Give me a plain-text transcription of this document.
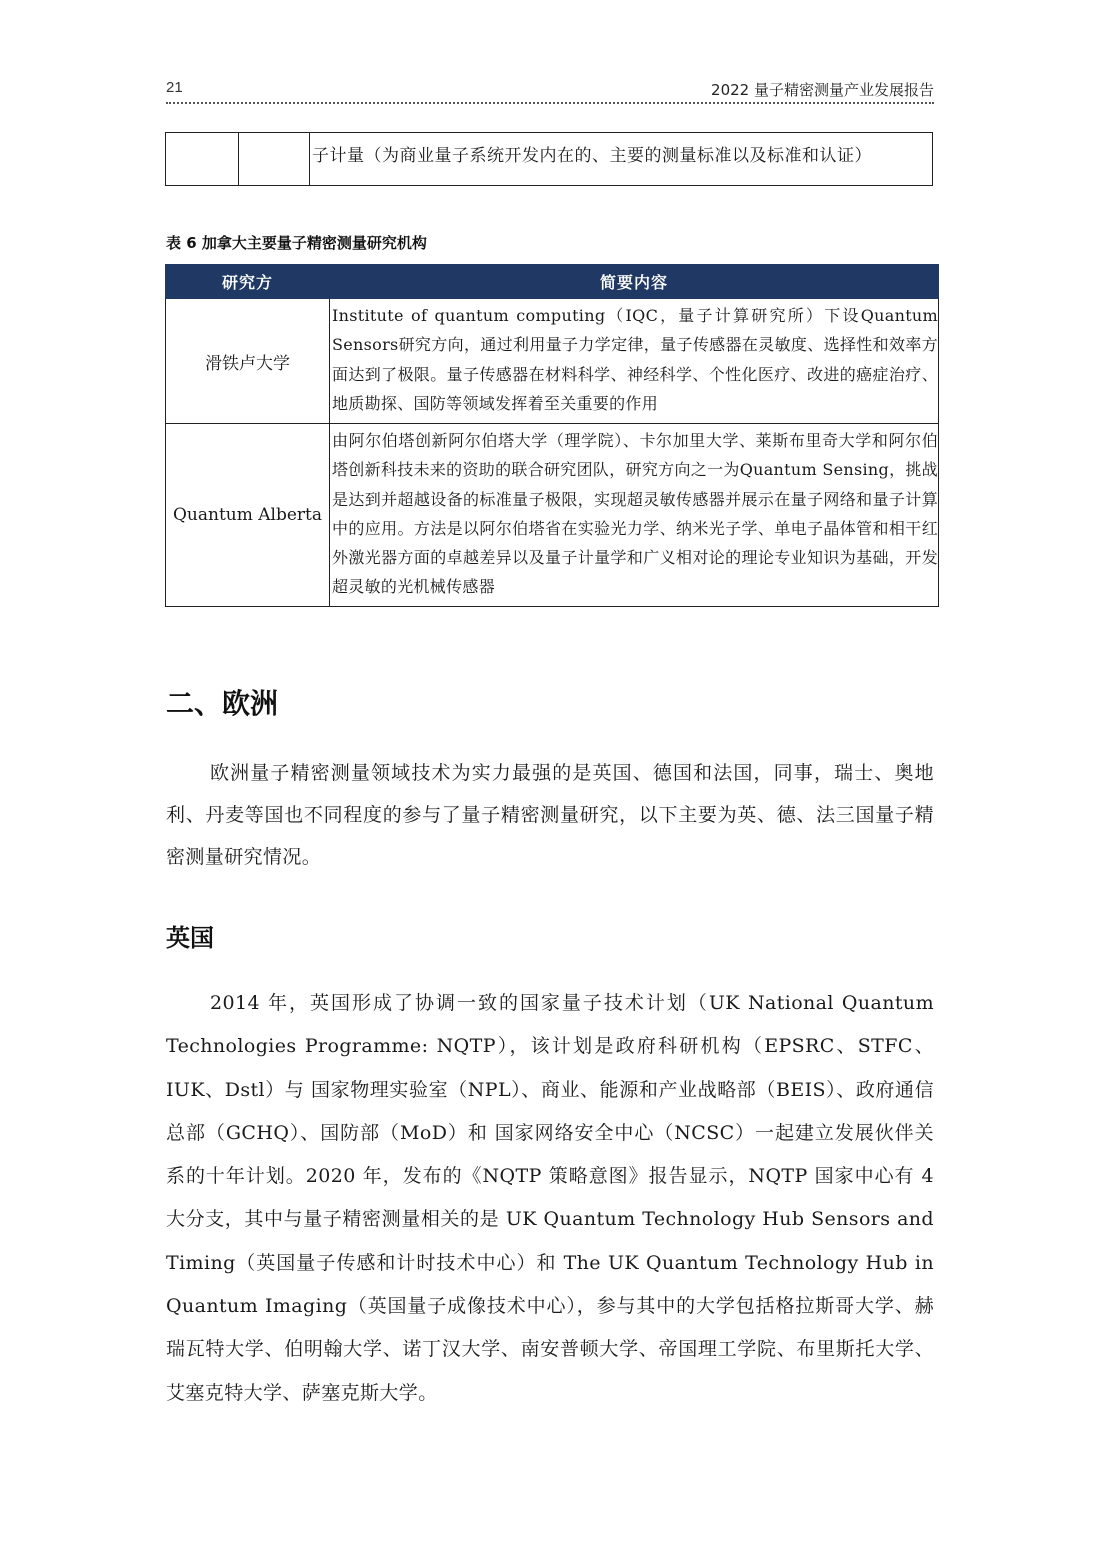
21	2022 量子精密测量产业发展报告
		子计量（为商业量子系统开发内在的、主要的测量标准以及标准和认证）
表 6 加拿大主要量子精密测量研究机构
研究方	简要内容
滑铁卢大学	Institute of quantum computing（IQC，量子计算研究所）下设Quantum Sensors研究方向，通过利用量子力学定律，量子传感器在灵敏度、选择性和效率方面达到了极限。量子传感器在材料科学、神经科学、个性化医疗、改进的癌症治疗、地质勘探、国防等领域发挥着至关重要的作用
Quantum Alberta	由阿尔伯塔创新阿尔伯塔大学（理学院）、卡尔加里大学、莱斯布里奇大学和阿尔伯塔创新科技未来的资助的联合研究团队，研究方向之一为Quantum Sensing，挑战是达到并超越设备的标准量子极限，实现超灵敏传感器并展示在量子网络和量子计算中的应用。方法是以阿尔伯塔省在实验光力学、纳米光子学、单电子晶体管和相干红外激光器方面的卓越差异以及量子计量学和广义相对论的理论专业知识为基础，开发超灵敏的光机械传感器
二、欧洲
欧洲量子精密测量领域技术为实力最强的是英国、德国和法国，同事，瑞士、奥地利、丹麦等国也不同程度的参与了量子精密测量研究，以下主要为英、德、法三国量子精密测量研究情况。
英国
2014 年，英国形成了协调一致的国家量子技术计划（UK National Quantum Technologies Programme: NQTP），该计划是政府科研机构（EPSRC、STFC、IUK、Dstl）与 国家物理实验室（NPL）、商业、能源和产业战略部（BEIS）、政府通信总部（GCHQ）、国防部（MoD）和 国家网络安全中心（NCSC）一起建立发展伙伴关系的十年计划。2020 年，发布的《NQTP 策略意图》报告显示，NQTP 国家中心有 4 大分支，其中与量子精密测量相关的是 UK Quantum Technology Hub Sensors and Timing（英国量子传感和计时技术中心）和 The UK Quantum Technology Hub in Quantum Imaging（英国量子成像技术中心），参与其中的大学包括格拉斯哥大学、赫瑞瓦特大学、伯明翰大学、诺丁汉大学、南安普顿大学、帝国理工学院、布里斯托大学、艾塞克特大学、萨塞克斯大学。
